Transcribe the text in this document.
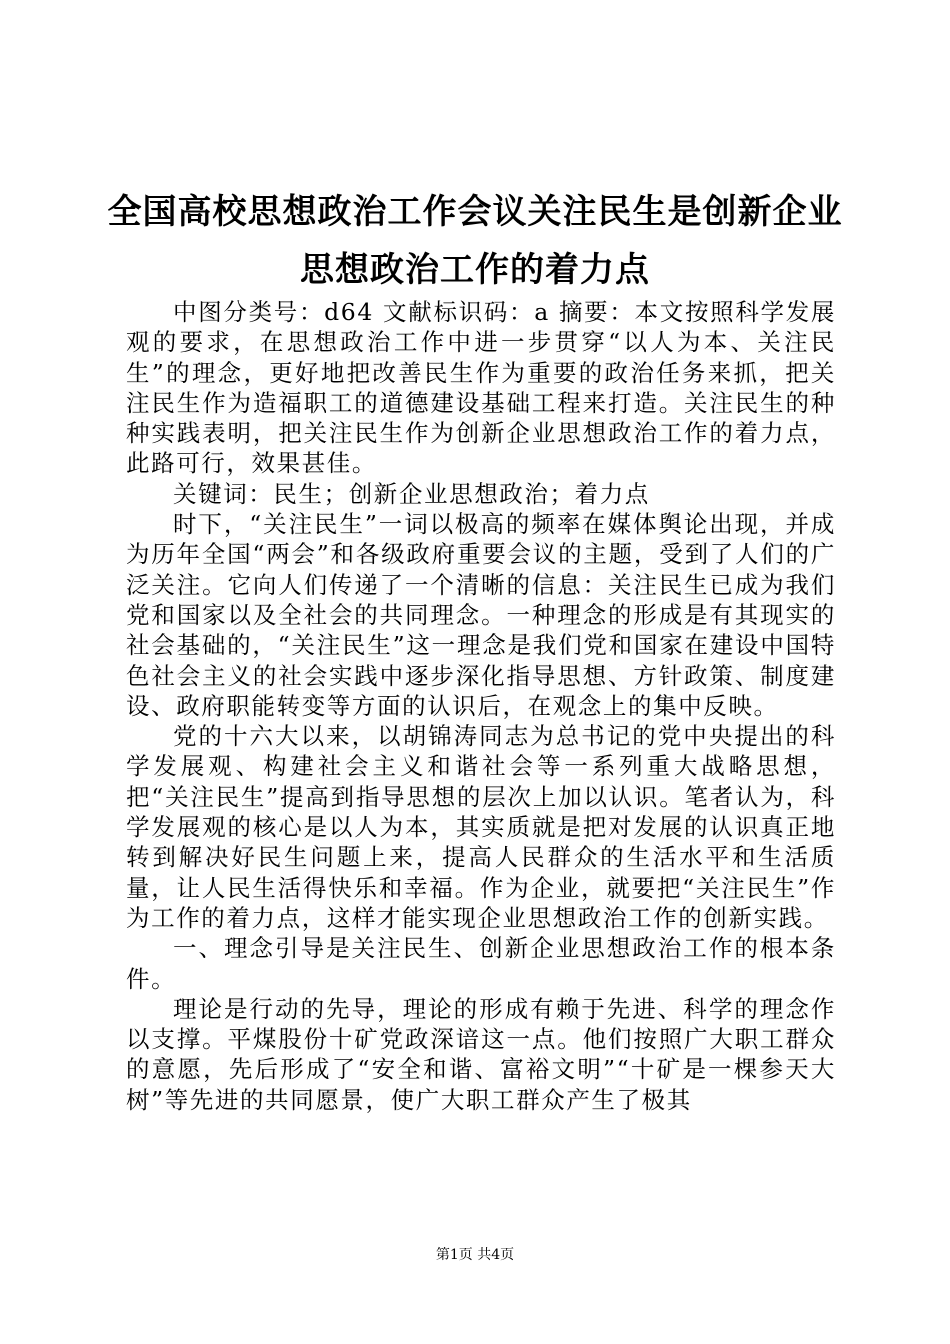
全国高校思想政治工作会议关注民生是创新企业思想政治工作的着力点

中图分类号：d64 文献标识码：a 摘要：本文按照科学发展观的要求，在思想政治工作中进一步贯穿“以人为本、关注民生”的理念，更好地把改善民生作为重要的政治任务来抓，把关注民生作为造福职工的道德建设基础工程来打造。关注民生的种种实践表明，把关注民生作为创新企业思想政治工作的着力点，此路可行，效果甚佳。

关键词：民生；创新企业思想政治；着力点

时下，“关注民生”一词以极高的频率在媒体舆论出现，并成为历年全国“两会”和各级政府重要会议的主题，受到了人们的广泛关注。它向人们传递了一个清晰的信息：关注民生已成为我们党和国家以及全社会的共同理念。一种理念的形成是有其现实的社会基础的，“关注民生”这一理念是我们党和国家在建设中国特色社会主义的社会实践中逐步深化指导思想、方针政策、制度建设、政府职能转变等方面的认识后，在观念上的集中反映。

党的十六大以来，以胡锦涛同志为总书记的党中央提出的科学发展观、构建社会主义和谐社会等一系列重大战略思想，把“关注民生”提高到指导思想的层次上加以认识。笔者认为，科学发展观的核心是以人为本，其实质就是把对发展的认识真正地转到解决好民生问题上来，提高人民群众的生活水平和生活质量，让人民生活得快乐和幸福。作为企业，就要把“关注民生”作为工作的着力点，这样才能实现企业思想政治工作的创新实践。

一、理念引导是关注民生、创新企业思想政治工作的根本条件。

理论是行动的先导，理论的形成有赖于先进、科学的理念作以支撑。平煤股份十矿党政深谙这一点。他们按照广大职工群众的意愿，先后形成了“安全和谐、富裕文明”“十矿是一棵参天大树”等先进的共同愿景，使广大职工群众产生了极其

第1页 共4页
